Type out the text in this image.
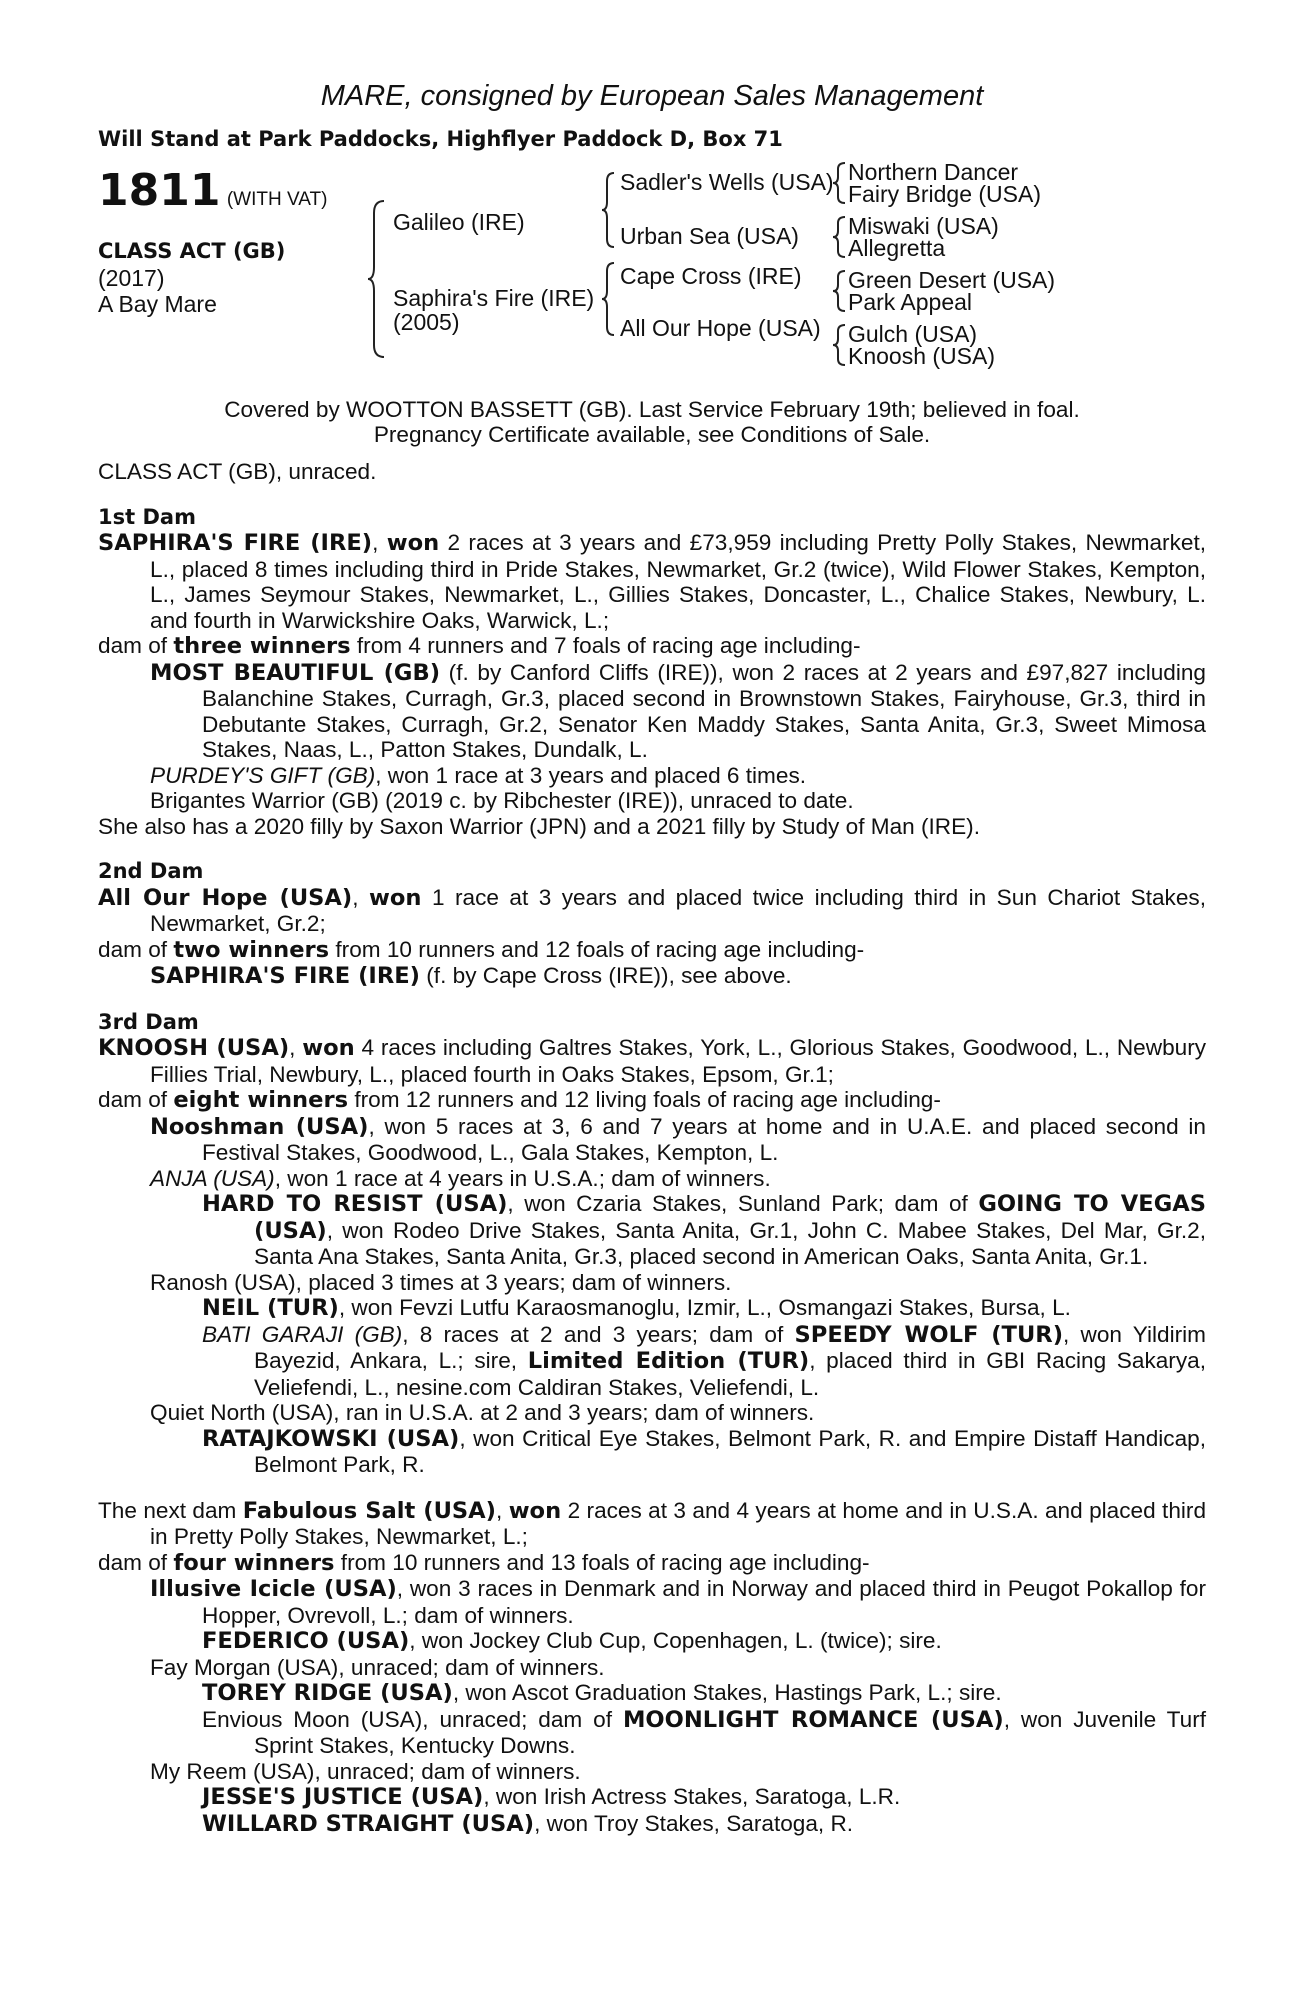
MARE, consigned by European Sales Management
Will Stand at Park Paddocks, Highflyer Paddock D, Box 71
1811 (WITH VAT)
CLASS ACT (GB)
(2017)
A Bay Mare
Galileo (IRE)
Saphira's Fire (IRE)
(2005)
Sadler's Wells (USA)
Urban Sea (USA)
Cape Cross (IRE)
All Our Hope (USA)
Northern Dancer
Fairy Bridge (USA)
Miswaki (USA)
Allegretta
Green Desert (USA)
Park Appeal
Gulch (USA)
Knoosh (USA)
Covered by WOOTTON BASSETT (GB). Last Service February 19th; believed in foal.
Pregnancy Certificate available, see Conditions of Sale.
CLASS ACT (GB), unraced.
1st Dam
SAPHIRA'S FIRE (IRE), won 2 races at 3 years and £73,959 including Pretty Polly Stakes, Newmarket, L., placed 8 times including third in Pride Stakes, Newmarket, Gr.2 (twice), Wild Flower Stakes, Kempton, L., James Seymour Stakes, Newmarket, L., Gillies Stakes, Doncaster, L., Chalice Stakes, Newbury, L. and fourth in Warwickshire Oaks, Warwick, L.;
dam of three winners from 4 runners and 7 foals of racing age including-
MOST BEAUTIFUL (GB) (f. by Canford Cliffs (IRE)), won 2 races at 2 years and £97,827 including Balanchine Stakes, Curragh, Gr.3, placed second in Brownstown Stakes, Fairyhouse, Gr.3, third in Debutante Stakes, Curragh, Gr.2, Senator Ken Maddy Stakes, Santa Anita, Gr.3, Sweet Mimosa Stakes, Naas, L., Patton Stakes, Dundalk, L.
PURDEY'S GIFT (GB), won 1 race at 3 years and placed 6 times.
Brigantes Warrior (GB) (2019 c. by Ribchester (IRE)), unraced to date.
She also has a 2020 filly by Saxon Warrior (JPN) and a 2021 filly by Study of Man (IRE).
2nd Dam
All Our Hope (USA), won 1 race at 3 years and placed twice including third in Sun Chariot Stakes, Newmarket, Gr.2;
dam of two winners from 10 runners and 12 foals of racing age including-
SAPHIRA'S FIRE (IRE) (f. by Cape Cross (IRE)), see above.
3rd Dam
KNOOSH (USA), won 4 races including Galtres Stakes, York, L., Glorious Stakes, Goodwood, L., Newbury Fillies Trial, Newbury, L., placed fourth in Oaks Stakes, Epsom, Gr.1;
dam of eight winners from 12 runners and 12 living foals of racing age including-
Nooshman (USA), won 5 races at 3, 6 and 7 years at home and in U.A.E. and placed second in Festival Stakes, Goodwood, L., Gala Stakes, Kempton, L.
ANJA (USA), won 1 race at 4 years in U.S.A.; dam of winners.
HARD TO RESIST (USA), won Czaria Stakes, Sunland Park; dam of GOING TO VEGAS (USA), won Rodeo Drive Stakes, Santa Anita, Gr.1, John C. Mabee Stakes, Del Mar, Gr.2, Santa Ana Stakes, Santa Anita, Gr.3, placed second in American Oaks, Santa Anita, Gr.1.
Ranosh (USA), placed 3 times at 3 years; dam of winners.
NEIL (TUR), won Fevzi Lutfu Karaosmanoglu, Izmir, L., Osmangazi Stakes, Bursa, L.
BATI GARAJI (GB), 8 races at 2 and 3 years; dam of SPEEDY WOLF (TUR), won Yildirim Bayezid, Ankara, L.; sire, Limited Edition (TUR), placed third in GBI Racing Sakarya, Veliefendi, L., nesine.com Caldiran Stakes, Veliefendi, L.
Quiet North (USA), ran in U.S.A. at 2 and 3 years; dam of winners.
RATAJKOWSKI (USA), won Critical Eye Stakes, Belmont Park, R. and Empire Distaff Handicap, Belmont Park, R.
The next dam Fabulous Salt (USA), won 2 races at 3 and 4 years at home and in U.S.A. and placed third in Pretty Polly Stakes, Newmarket, L.;
dam of four winners from 10 runners and 13 foals of racing age including-
Illusive Icicle (USA), won 3 races in Denmark and in Norway and placed third in Peugot Pokallop for Hopper, Ovrevoll, L.; dam of winners.
FEDERICO (USA), won Jockey Club Cup, Copenhagen, L. (twice); sire.
Fay Morgan (USA), unraced; dam of winners.
TOREY RIDGE (USA), won Ascot Graduation Stakes, Hastings Park, L.; sire.
Envious Moon (USA), unraced; dam of MOONLIGHT ROMANCE (USA), won Juvenile Turf Sprint Stakes, Kentucky Downs.
My Reem (USA), unraced; dam of winners.
JESSE'S JUSTICE (USA), won Irish Actress Stakes, Saratoga, L.R.
WILLARD STRAIGHT (USA), won Troy Stakes, Saratoga, R.
